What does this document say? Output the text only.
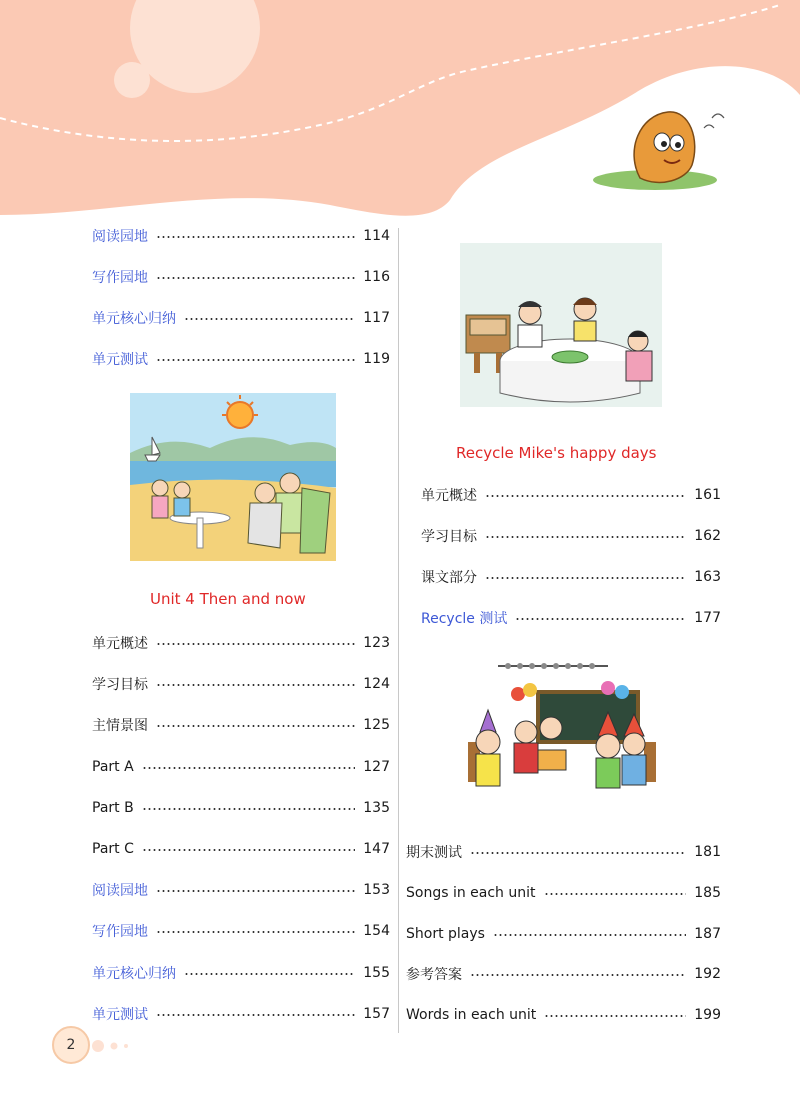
阅读园地	114
写作园地	116
单元核心归纳	117
单元测试	119
Unit 4 Then and now
单元概述	123
学习目标	124
主情景图	125
Part A	127
Part B	135
Part C	147
阅读园地	153
写作园地	154
单元核心归纳	155
单元测试	157
Recycle Mike's happy days
单元概述	161
学习目标	162
课文部分	163
Recycle 测试	177
期末测试	181
Songs in each unit	185
Short plays	187
参考答案	192
Words in each unit	199
2
